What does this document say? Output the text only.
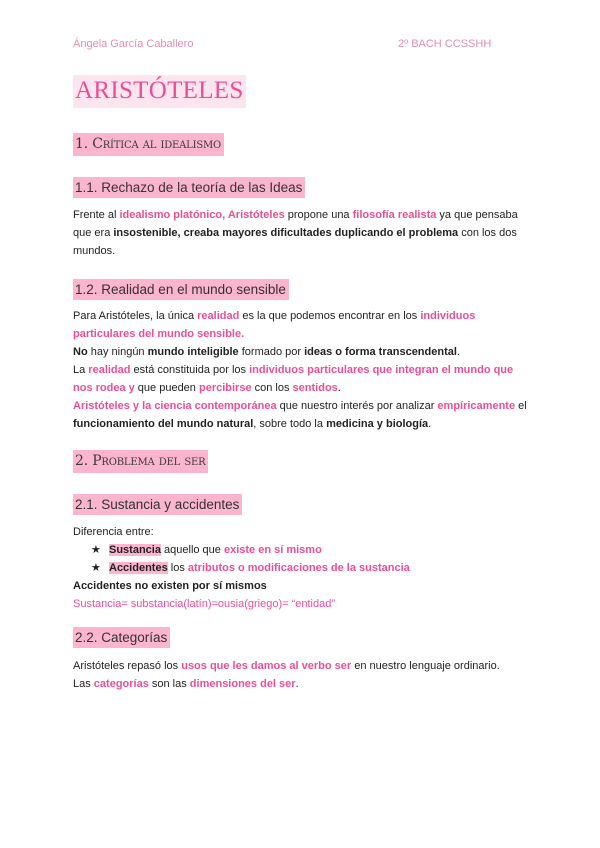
Ángela García Caballero	2º BACH CCSSHH
ARISTÓTELES
1. Crítica al idealismo
1.1. Rechazo de la teoría de las Ideas

Frente al idealismo platónico, Aristóteles propone una filosofía realista ya que pensaba que era insostenible, creaba mayores dificultades duplicando el problema con los dos mundos.

1.2. Realidad en el mundo sensible

Para Aristóteles, la única realidad es la que podemos encontrar en los individuos particulares del mundo sensible.

No hay ningún mundo inteligible formado por ideas o forma transcendental.

La realidad está constituida por los individuos particulares que integran el mundo que nos rodea y que pueden percibirse con los sentidos.

Aristóteles y la ciencia contemporánea que nuestro interés por analizar empíricamente el funcionamiento del mundo natural, sobre todo la medicina y biología.

2. Problema del ser
2.1. Sustancia y accidentes

Diferencia entre:

★ Sustancia aquello que existe en sí mismo
★ Accidentes los atributos o modificaciones de la sustancia

Accidentes no existen por sí mismos

Sustancia= substancia(latín)=ousia(griego)= “entidad”

2.2. Categorías

Aristóteles repasó los usos que les damos al verbo ser en nuestro lenguaje ordinario.

Las categorías son las dimensiones del ser.
